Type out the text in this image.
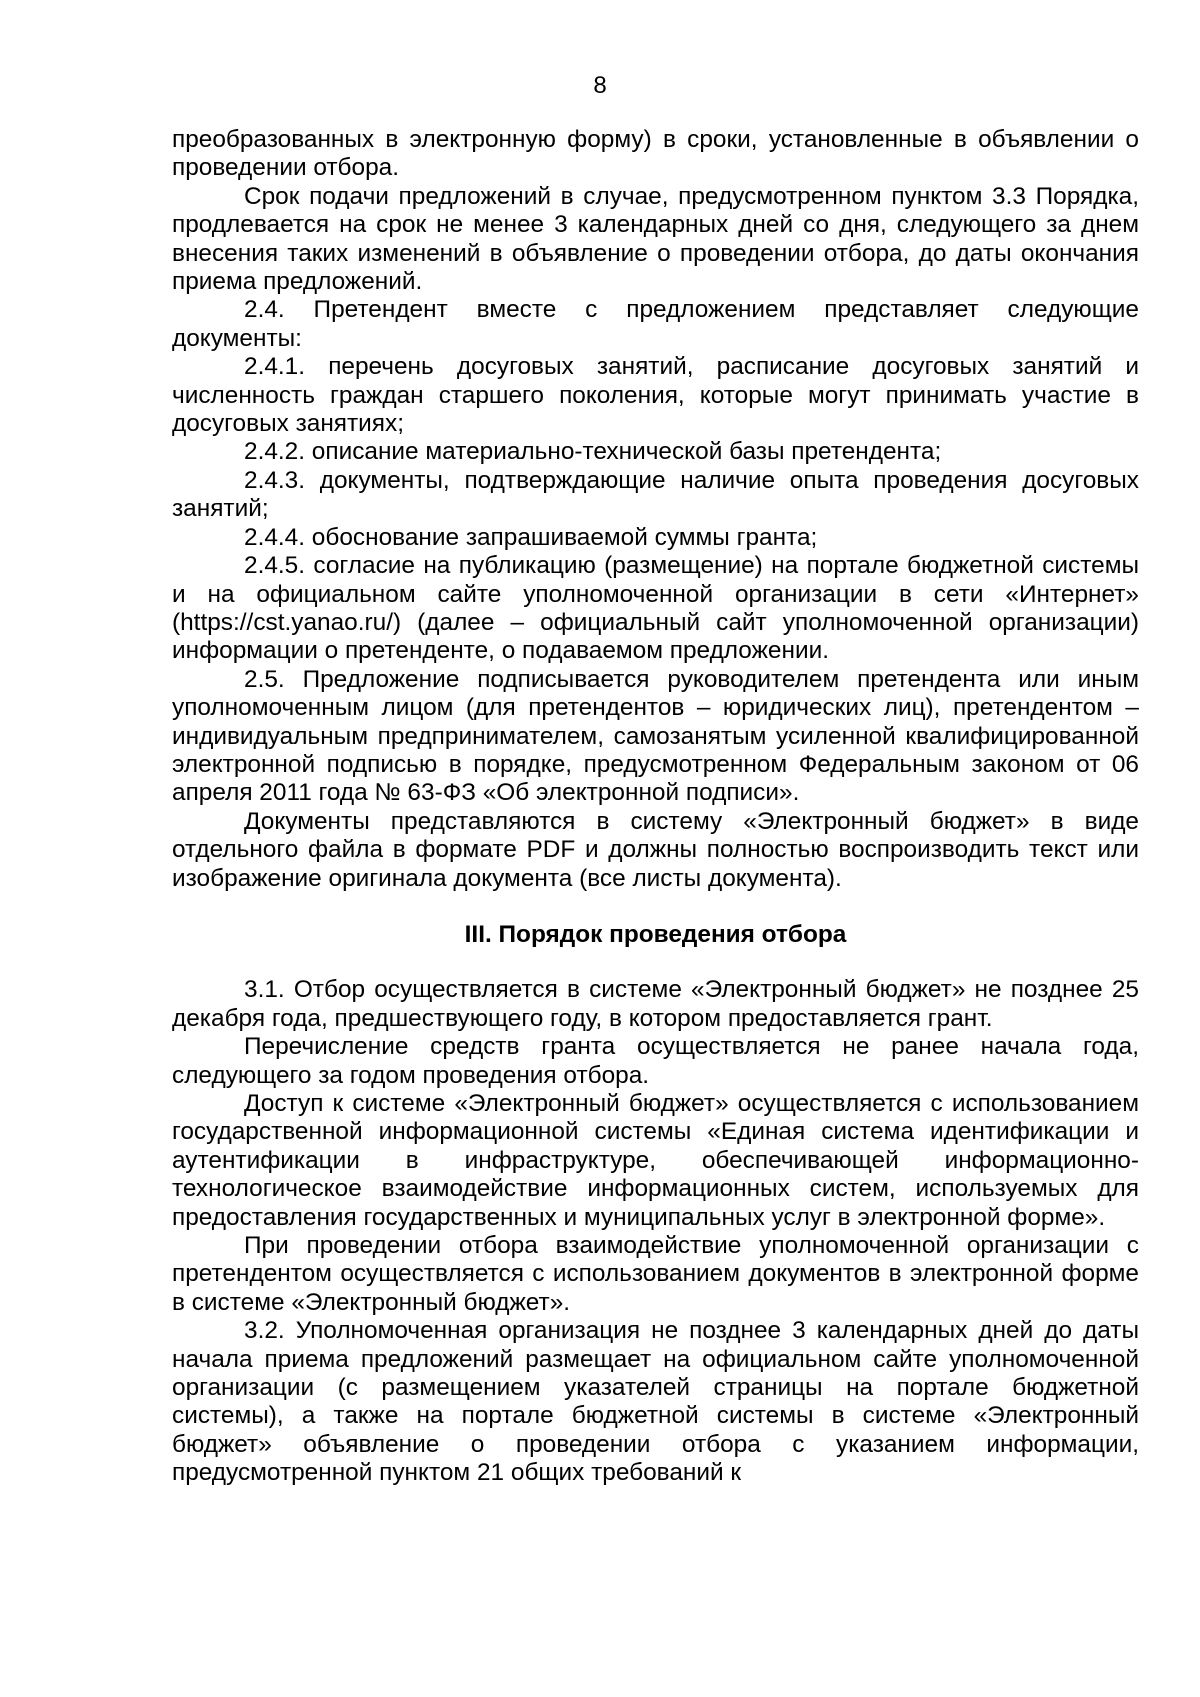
8

преобразованных в электронную форму) в сроки, установленные в объявлении о проведении отбора.

Срок подачи предложений в случае, предусмотренном пунктом 3.3 Порядка, продлевается на срок не менее 3 календарных дней со дня, следующего за днем внесения таких изменений в объявление о проведении отбора, до даты окончания приема предложений.

2.4. Претендент вместе с предложением представляет следующие документы:

2.4.1. перечень досуговых занятий, расписание досуговых занятий и численность граждан старшего поколения, которые могут принимать участие в досуговых занятиях;

2.4.2. описание материально-технической базы претендента;

2.4.3. документы, подтверждающие наличие опыта проведения досуговых занятий;

2.4.4. обоснование запрашиваемой суммы гранта;

2.4.5. согласие на публикацию (размещение) на портале бюджетной системы и на официальном сайте уполномоченной организации в сети «Интернет» (https://cst.yanao.ru/) (далее – официальный сайт уполномоченной организации) информации о претенденте, о подаваемом предложении.

2.5. Предложение подписывается руководителем претендента или иным уполномоченным лицом (для претендентов – юридических лиц), претендентом – индивидуальным предпринимателем, самозанятым усиленной квалифицированной электронной подписью в порядке, предусмотренном Федеральным законом от 06 апреля 2011 года № 63-ФЗ «Об электронной подписи».

Документы представляются в систему «Электронный бюджет» в виде отдельного файла в формате PDF и должны полностью воспроизводить текст или изображение оригинала документа (все листы документа).

III. Порядок проведения отбора

3.1. Отбор осуществляется в системе «Электронный бюджет» не позднее 25 декабря года, предшествующего году, в котором предоставляется грант.

Перечисление средств гранта осуществляется не ранее начала года, следующего за годом проведения отбора.

Доступ к системе «Электронный бюджет» осуществляется с использованием государственной информационной системы «Единая система идентификации и аутентификации в инфраструктуре, обеспечивающей информационно-технологическое взаимодействие информационных систем, используемых для предоставления государственных и муниципальных услуг в электронной форме».

При проведении отбора взаимодействие уполномоченной организации с претендентом осуществляется с использованием документов в электронной форме в системе «Электронный бюджет».

3.2. Уполномоченная организация не позднее 3 календарных дней до даты начала приема предложений размещает на официальном сайте уполномоченной организации (с размещением указателей страницы на портале бюджетной системы), а также на портале бюджетной системы в системе «Электронный бюджет» объявление о проведении отбора с указанием информации, предусмотренной пунктом 21 общих требований к
